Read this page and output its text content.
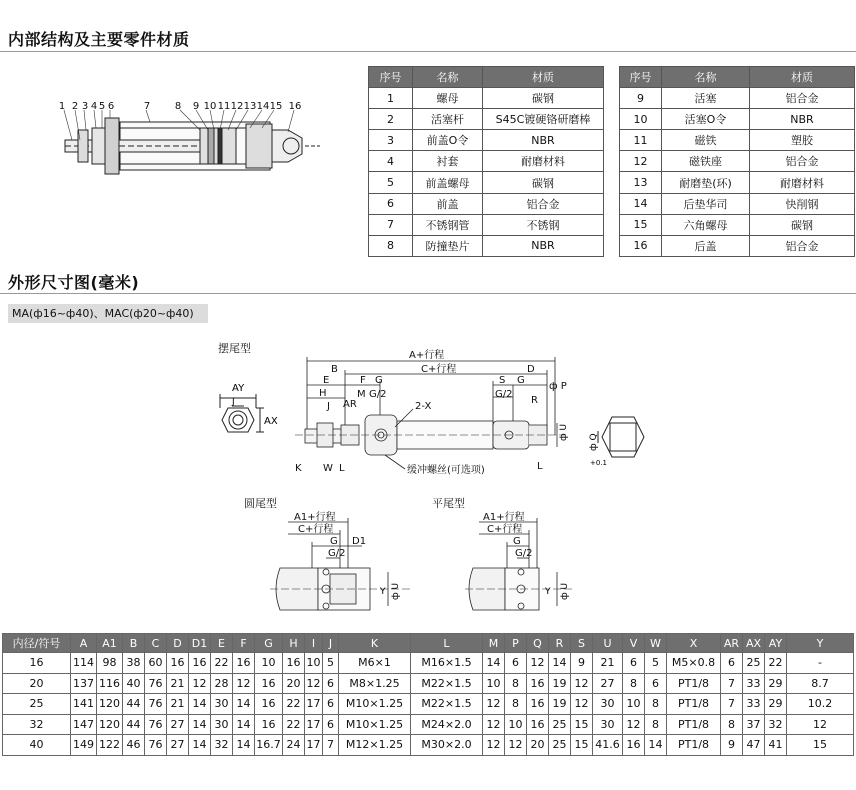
内部结构及主要零件材质
1 2 3 4 5 6	7 8 9 10 11 12 13 14 15 16
序号	名称	材质
1	螺母	碳钢
2	活塞杆	S45C镀硬铬研磨棒
3	前盖O令	NBR
4	衬套	耐磨材料
5	前盖螺母	碳钢
6	前盖	铝合金
7	不锈钢管	不锈钢
8	防撞垫片	NBR
序号	名称	材质
9	活塞	铝合金
10	活塞O令	NBR
11	磁铁	塑胶
12	磁铁座	铝合金
13	耐磨垫(环)	耐磨材料
14	后垫华司	快削钢
15	六角螺母	碳钢
16	后盖	铝合金
外形尺寸图(毫米)
MA(ф16~ф40)、MAC(ф20~ф40)
摆尾型
AY
AX
J
A+行程
C+行程
B	D
E	F G	S G
ф P
H	M G/2	G/2
R
2-X
J AR
K W L	L
缓冲螺丝(可选项)
ф U
ф Q
+0.1
圆尾型
A1+行程
C+行程
G D1
G/2
ф U
Y
平尾型
A1+行程
C+行程
G
G/2
ф U
Y
内径/符号	A	A1	B	C	D	D1	E	F	G	H	I	J	K	L	M	P	Q	R	S	U	V	W	X	AR	AX	AY	Y
16	114	98	38	60	16	16	22	16	10	16	10	5	M6×1	M16×1.5	14	6	12	14	9	21	6	5	M5×0.8	6	25	22	-
20	137	116	40	76	21	12	28	12	16	20	12	6	M8×1.25	M22×1.5	10	8	16	19	12	27	8	6	PT1/8	7	33	29	8.7
25	141	120	44	76	21	14	30	14	16	22	17	6	M10×1.25	M22×1.5	12	8	16	19	12	30	10	8	PT1/8	7	33	29	10.2
32	147	120	44	76	27	14	30	14	16	22	17	6	M10×1.25	M24×2.0	12	10	16	25	15	30	12	8	PT1/8	8	37	32	12
40	149	122	46	76	27	14	32	14	16.7	24	17	7	M12×1.25	M30×2.0	12	12	20	25	15	41.6	16	14	PT1/8	9	47	41	15
